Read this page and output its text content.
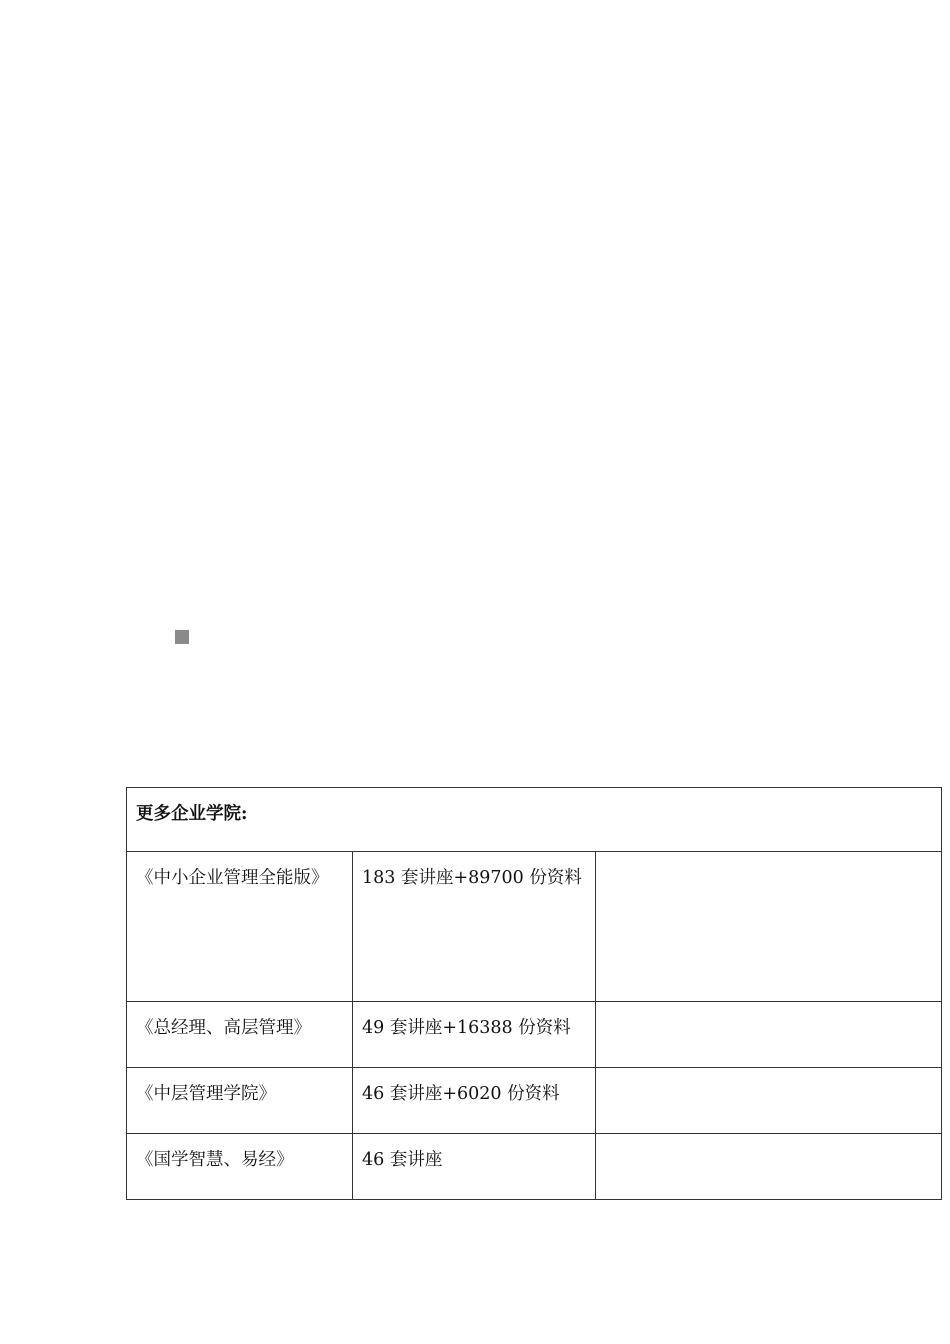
更多企业学院:		

《中小企业管理全能版》	183 套讲座+89700 份资料	

《总经理、高层管理》	49 套讲座+16388 份资料	

《中层管理学院》	46 套讲座+6020 份资料	

《国学智慧、易经》	46 套讲座	
